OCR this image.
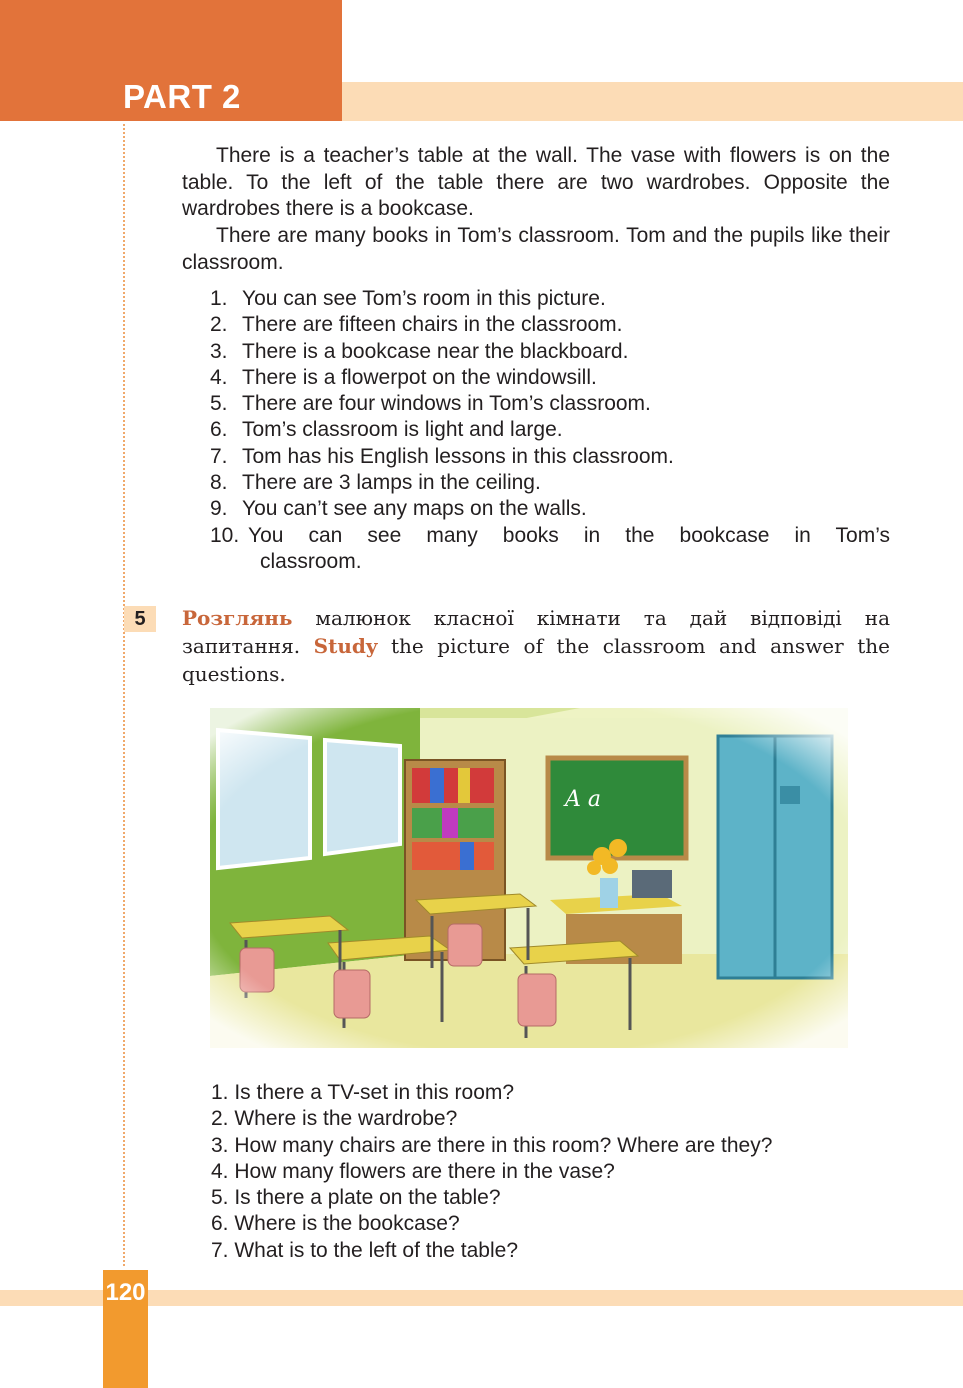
PART 2

There is a teacher’s table at the wall. The vase with flowers is on the table. To the left of the table there are two wardrobes. Opposite the wardrobes there is a bookcase.

There are many books in Tom’s classroom. Tom and the pupils like their classroom.

1. You can see Tom’s room in this picture.
2. There are fifteen chairs in the classroom.
3. There is a bookcase near the blackboard.
4. There is a flowerpot on the windowsill.
5. There are four windows in Tom’s classroom.
6. Tom’s classroom is light and large.
7. Tom has his English lessons in this classroom.
8. There are 3 lamps in the ceiling.
9. You can’t see any maps on the walls.
10. You can see many books in the bookcase in Tom’s
classroom.
5	Розглянь малюнок класної кімнати та дай відповіді на запитання. Study the picture of the classroom and answer the questions.

1. Is there a TV-set in this room?
2. Where is the wardrobe?
3. How many chairs are there in this room? Where are they?
4. How many flowers are there in the vase?
5. Is there a plate on the table?
6. Where is the bookcase?
7. What is to the left of the table?
120
